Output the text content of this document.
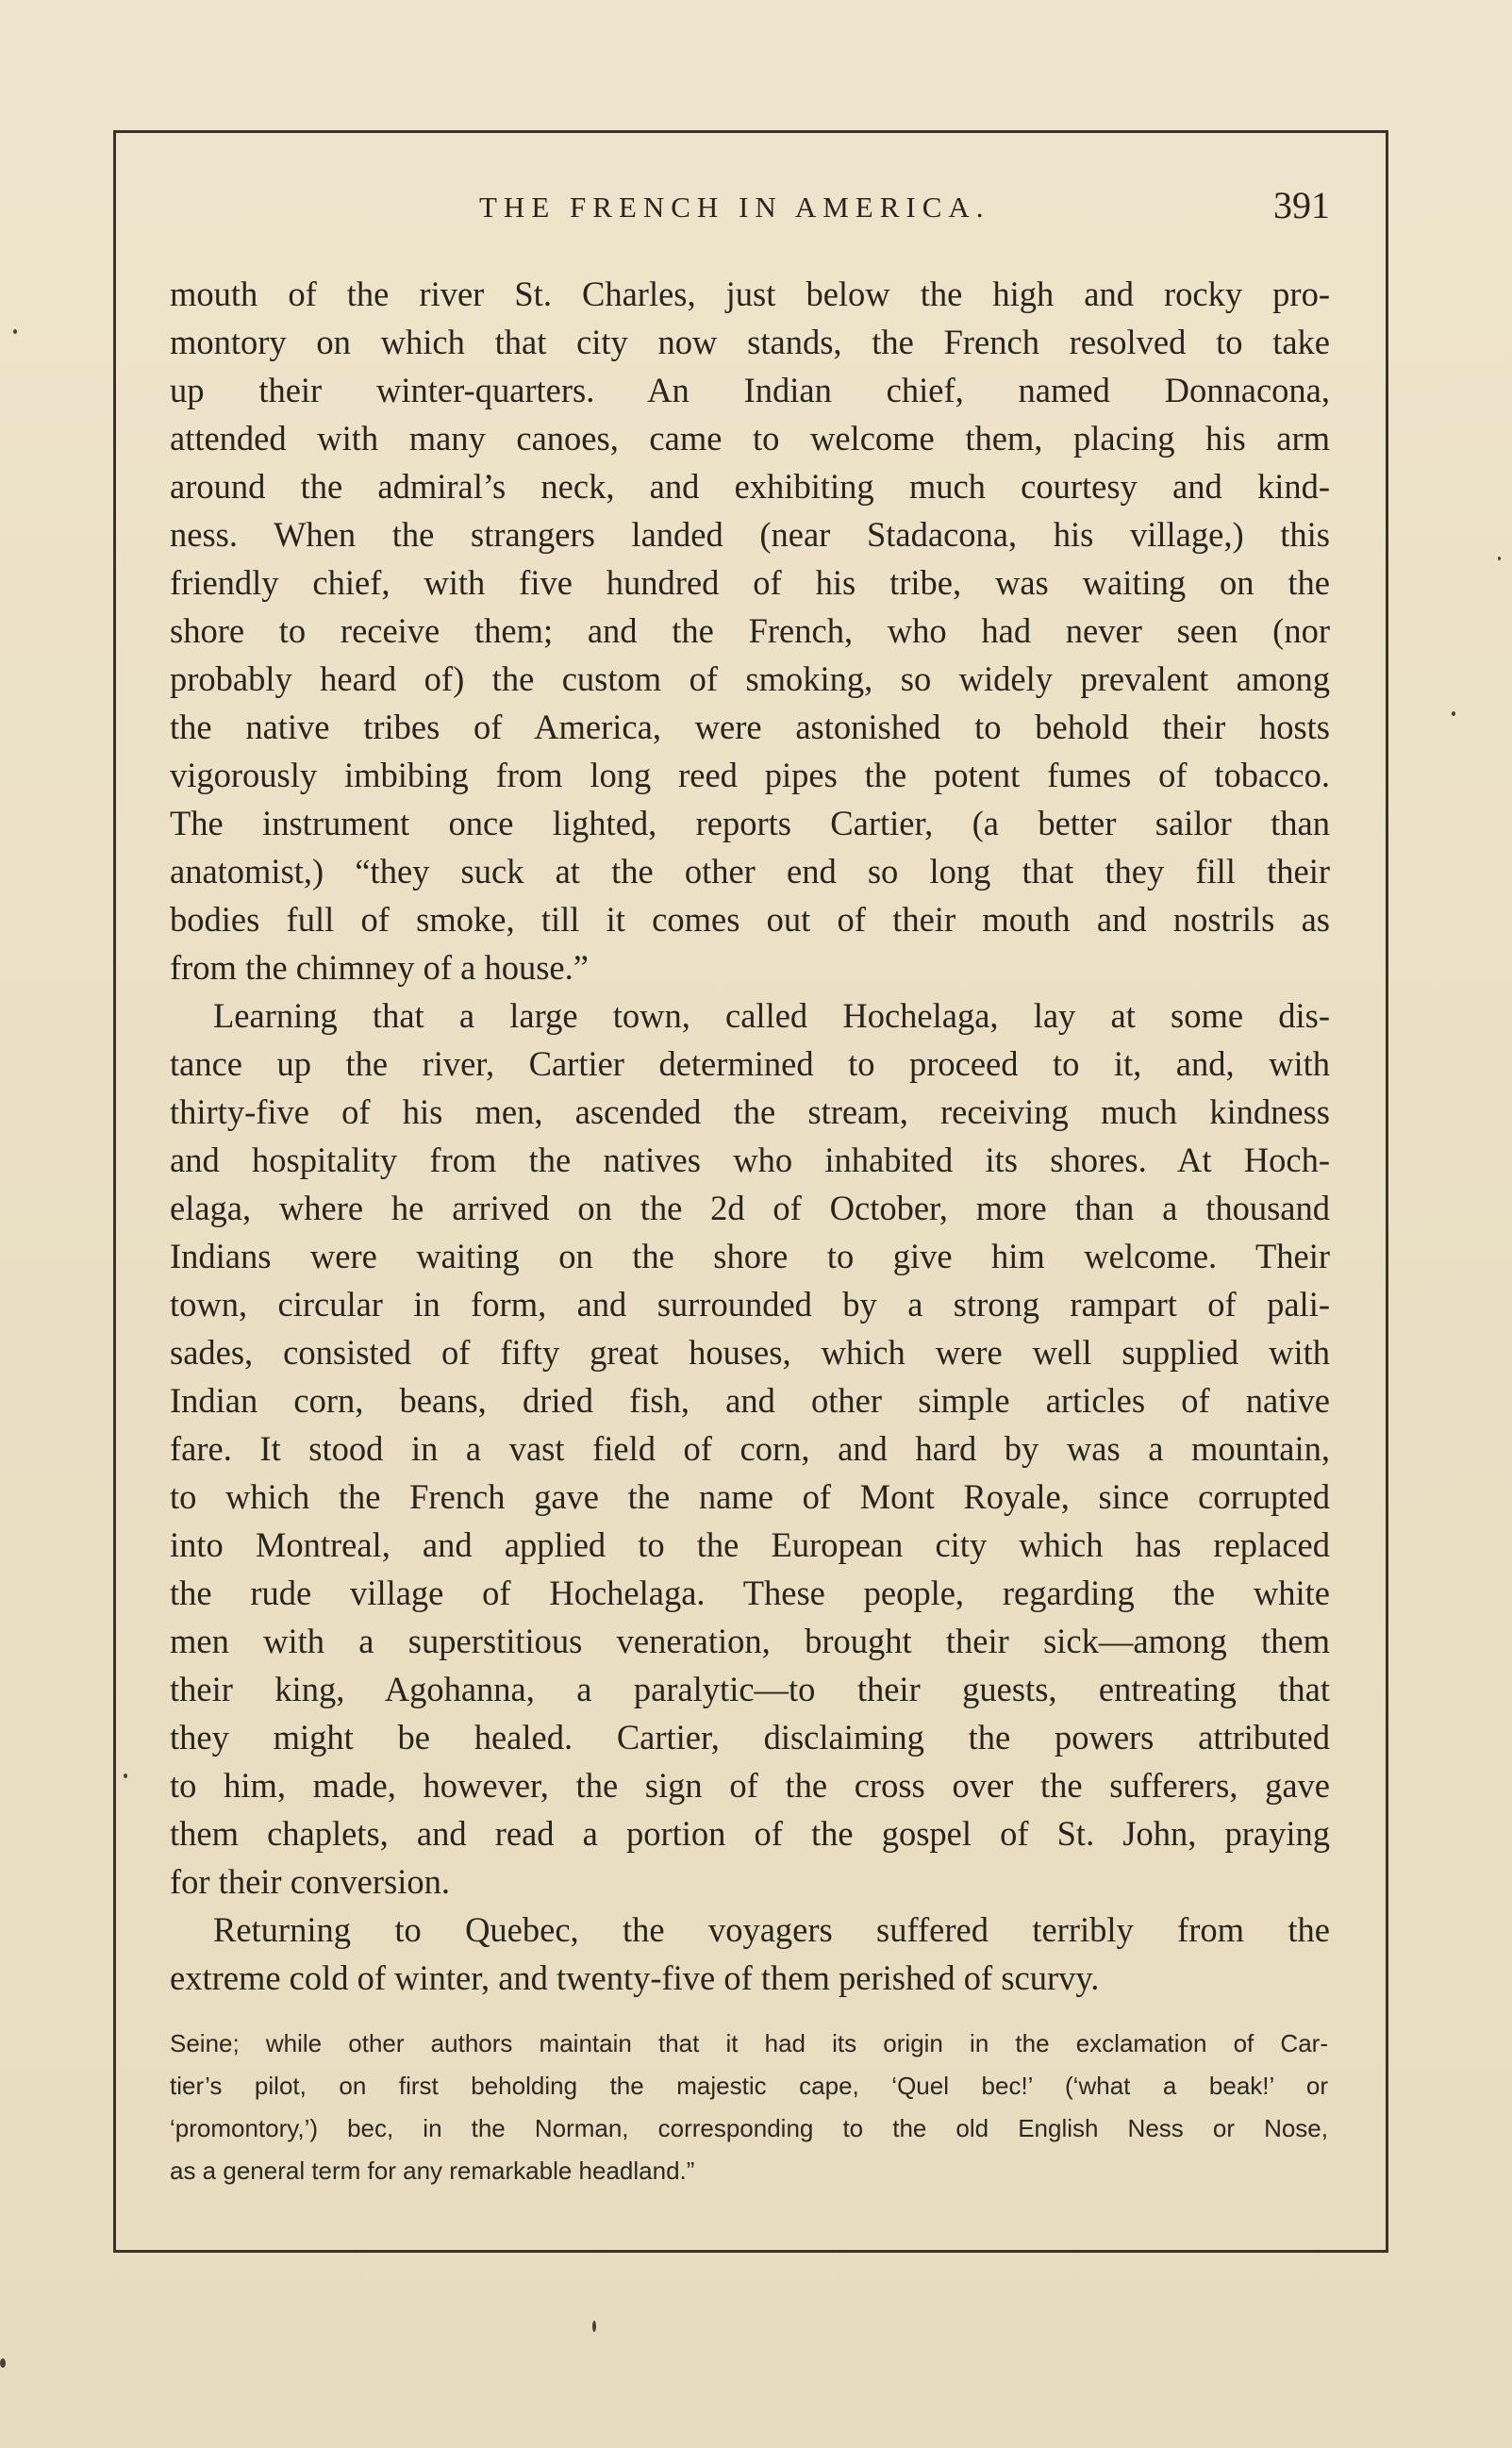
THE FRENCH IN AMERICA.	391
mouth of the river St. Charles, just below the high and rocky pro-
montory on which that city now stands, the French resolved to take
up their winter-quarters. An Indian chief, named Donnacona,
attended with many canoes, came to welcome them, placing his arm
around the admiral’s neck, and exhibiting much courtesy and kind-
ness. When the strangers landed (near Stadacona, his village,) this
friendly chief, with five hundred of his tribe, was waiting on the
shore to receive them; and the French, who had never seen (nor
probably heard of) the custom of smoking, so widely prevalent among
the native tribes of America, were astonished to behold their hosts
vigorously imbibing from long reed pipes the potent fumes of tobacco.
The instrument once lighted, reports Cartier, (a better sailor than
anatomist,) “they suck at the other end so long that they fill their
bodies full of smoke, till it comes out of their mouth and nostrils as
from the chimney of a house.”
Learning that a large town, called Hochelaga, lay at some dis-
tance up the river, Cartier determined to proceed to it, and, with
thirty-five of his men, ascended the stream, receiving much kindness
and hospitality from the natives who inhabited its shores. At Hoch-
elaga, where he arrived on the 2d of October, more than a thousand
Indians were waiting on the shore to give him welcome. Their
town, circular in form, and surrounded by a strong rampart of pali-
sades, consisted of fifty great houses, which were well supplied with
Indian corn, beans, dried fish, and other simple articles of native
fare. It stood in a vast field of corn, and hard by was a mountain,
to which the French gave the name of Mont Royale, since corrupted
into Montreal, and applied to the European city which has replaced
the rude village of Hochelaga. These people, regarding the white
men with a superstitious veneration, brought their sick—among them
their king, Agohanna, a paralytic—to their guests, entreating that
they might be healed. Cartier, disclaiming the powers attributed
to him, made, however, the sign of the cross over the sufferers, gave
them chaplets, and read a portion of the gospel of St. John, praying
for their conversion.
Returning to Quebec, the voyagers suffered terribly from the
extreme cold of winter, and twenty-five of them perished of scurvy.
Seine; while other authors maintain that it had its origin in the exclamation of Car-
tier’s pilot, on first beholding the majestic cape, ‘Quel bec!’ (‘what a beak!’ or
‘promontory,’) bec, in the Norman, corresponding to the old English Ness or Nose,
as a general term for any remarkable headland.”
